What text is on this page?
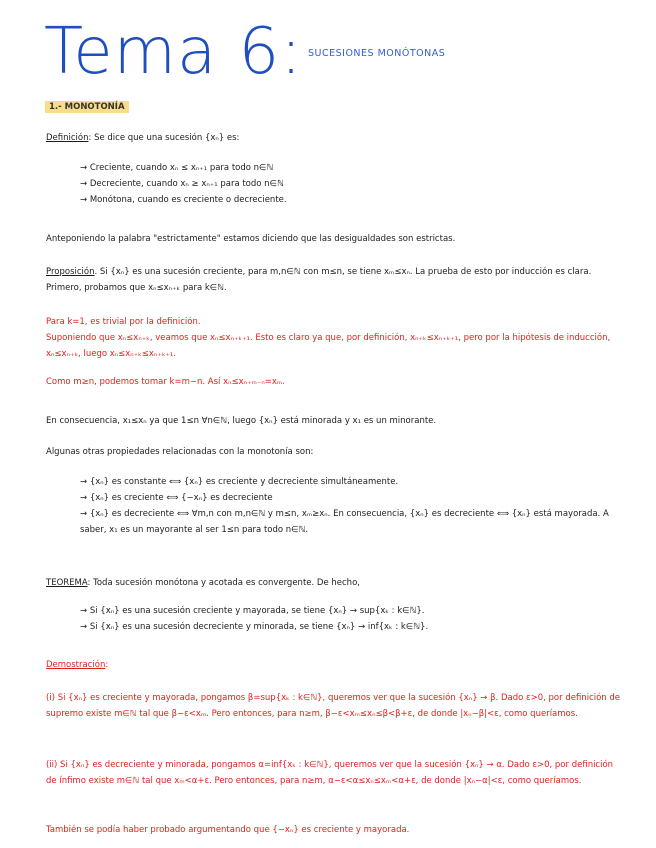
Tema 6: SUCESIONES MONÓTONAS
1.- MONOTONÍA

Definición: Se dice que una sucesión {xₙ} es:

→ Creciente, cuando xₙ ≤ xₙ₊₁ para todo n∈ℕ

→ Decreciente, cuando xₙ ≥ xₙ₊₁ para todo n∈ℕ

→ Monótona, cuando es creciente o decreciente.

Anteponiendo la palabra "estrictamente" estamos diciendo que las desigualdades son estrictas.

Proposición. Si {xₙ} es una sucesión creciente, para m,n∈ℕ con m≤n, se tiene xₘ≤xₙ. La prueba de esto por inducción es clara. Primero, probamos que xₙ≤xₙ₊ₖ para k∈ℕ.

Para k=1, es trivial por la definición.

Suponiendo que xₙ≤xₙ₊ₖ, veamos que xₙ≤xₙ₊ₖ₊₁. Esto es claro ya que, por definición, xₙ₊ₖ≤xₙ₊ₖ₊₁, pero por la hipótesis de inducción, xₙ≤xₙ₊ₖ, luego xₙ≤xₙ₊ₖ≤xₙ₊ₖ₊₁.

Como m≥n, podemos tomar k=m−n. Así xₙ≤xₙ₊ₘ₋ₙ=xₘ.

En consecuencia, x₁≤xₙ ya que 1≤n ∀n∈ℕ, luego {xₙ} está minorada y x₁ es un minorante.

Algunas otras propiedades relacionadas con la monotonía son:

→ {xₙ} es constante ⟺ {xₙ} es creciente y decreciente simultáneamente.

→ {xₙ} es creciente ⟺ {−xₙ} es decreciente

→ {xₙ} es decreciente ⟺ ∀m,n con m,n∈ℕ y m≤n, xₘ≥xₙ. En consecuencia, {xₙ} es decreciente ⟺ {xₙ} está mayorada. A saber, x₁ es un mayorante al ser 1≤n para todo n∈ℕ.

TEOREMA: Toda sucesión monótona y acotada es convergente. De hecho,

→ Si {xₙ} es una sucesión creciente y mayorada, se tiene {xₙ} → sup{xₖ : k∈ℕ}.

→ Si {xₙ} es una sucesión decreciente y minorada, se tiene {xₙ} → inf{xₖ : k∈ℕ}.

Demostración:

(i) Si {xₙ} es creciente y mayorada, pongamos β=sup{xₖ : k∈ℕ}, queremos ver que la sucesión {xₙ} → β. Dado ε>0, por definición de supremo existe m∈ℕ tal que β−ε<xₘ. Pero entonces, para n≥m, β−ε<xₘ≤xₙ≤β<β+ε, de donde |xₙ−β|<ε, como queríamos.

(ii) Si {xₙ} es decreciente y minorada, pongamos α=inf{xₖ : k∈ℕ}, queremos ver que la sucesión {xₙ} → α. Dado ε>0, por definición de ínfimo existe m∈ℕ tal que xₘ<α+ε. Pero entonces, para n≥m, α−ε<α≤xₙ≤xₘ<α+ε, de donde |xₙ−α|<ε, como queríamos.

También se podía haber probado argumentando que {−xₙ} es creciente y mayorada.
